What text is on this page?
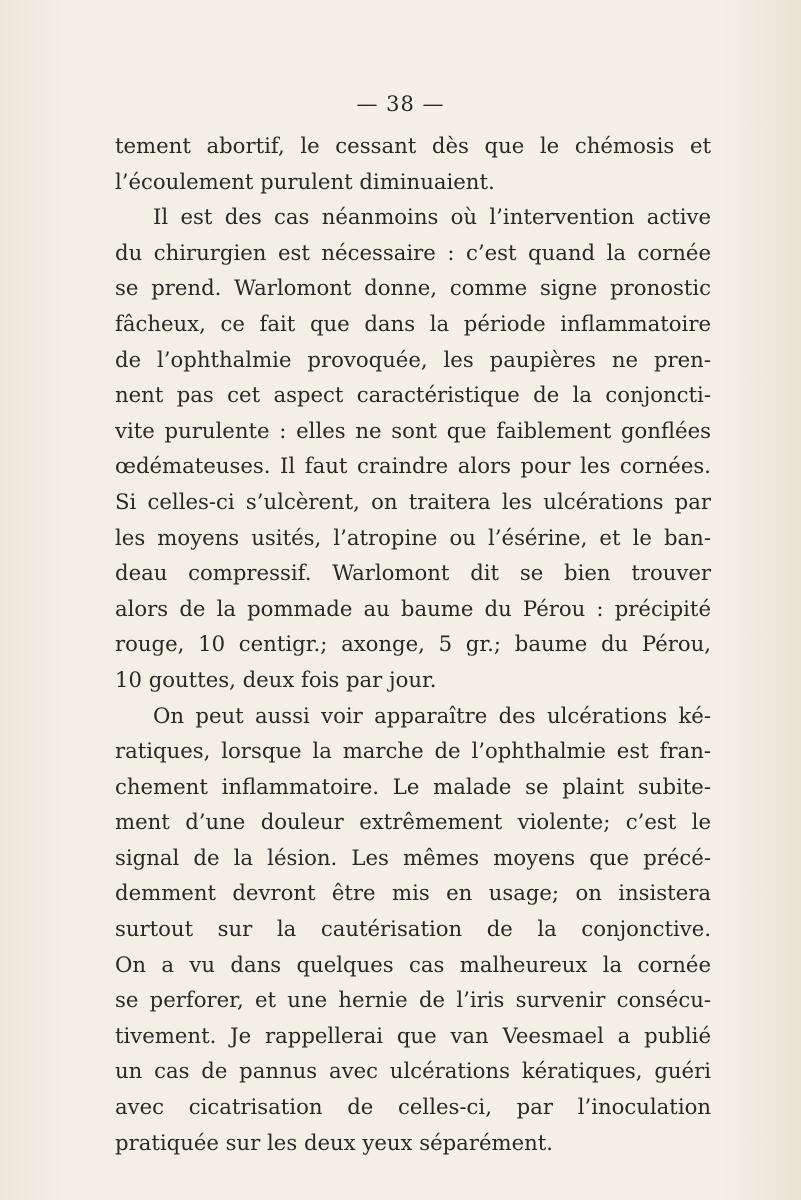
— 38 —
tement abortif, le cessant dès que le chémosis et
l’écoulement purulent diminuaient.
Il est des cas néanmoins où l’intervention active
du chirurgien est nécessaire : c’est quand la cornée
se prend. Warlomont donne, comme signe pronostic
fâcheux, ce fait que dans la période inflammatoire
de l’ophthalmie provoquée, les paupières ne pren-
nent pas cet aspect caractéristique de la conjoncti-
vite purulente : elles ne sont que faiblement gonflées
œdémateuses. Il faut craindre alors pour les cornées.
Si celles-ci s’ulcèrent, on traitera les ulcérations par
les moyens usités, l’atropine ou l’ésérine, et le ban-
deau compressif. Warlomont dit se bien trouver
alors de la pommade au baume du Pérou : précipité
rouge, 10 centigr.; axonge, 5 gr.; baume du Pérou,
10 gouttes, deux fois par jour.
On peut aussi voir apparaître des ulcérations ké-
ratiques, lorsque la marche de l’ophthalmie est fran-
chement inflammatoire. Le malade se plaint subite-
ment d’une douleur extrêmement violente; c’est le
signal de la lésion. Les mêmes moyens que précé-
demment devront être mis en usage; on insistera
surtout sur la cautérisation de la conjonctive.
On a vu dans quelques cas malheureux la cornée
se perforer, et une hernie de l’iris survenir consécu-
tivement. Je rappellerai que van Veesmael a publié
un cas de pannus avec ulcérations kératiques, guéri
avec cicatrisation de celles-ci, par l’inoculation
pratiquée sur les deux yeux séparément.
